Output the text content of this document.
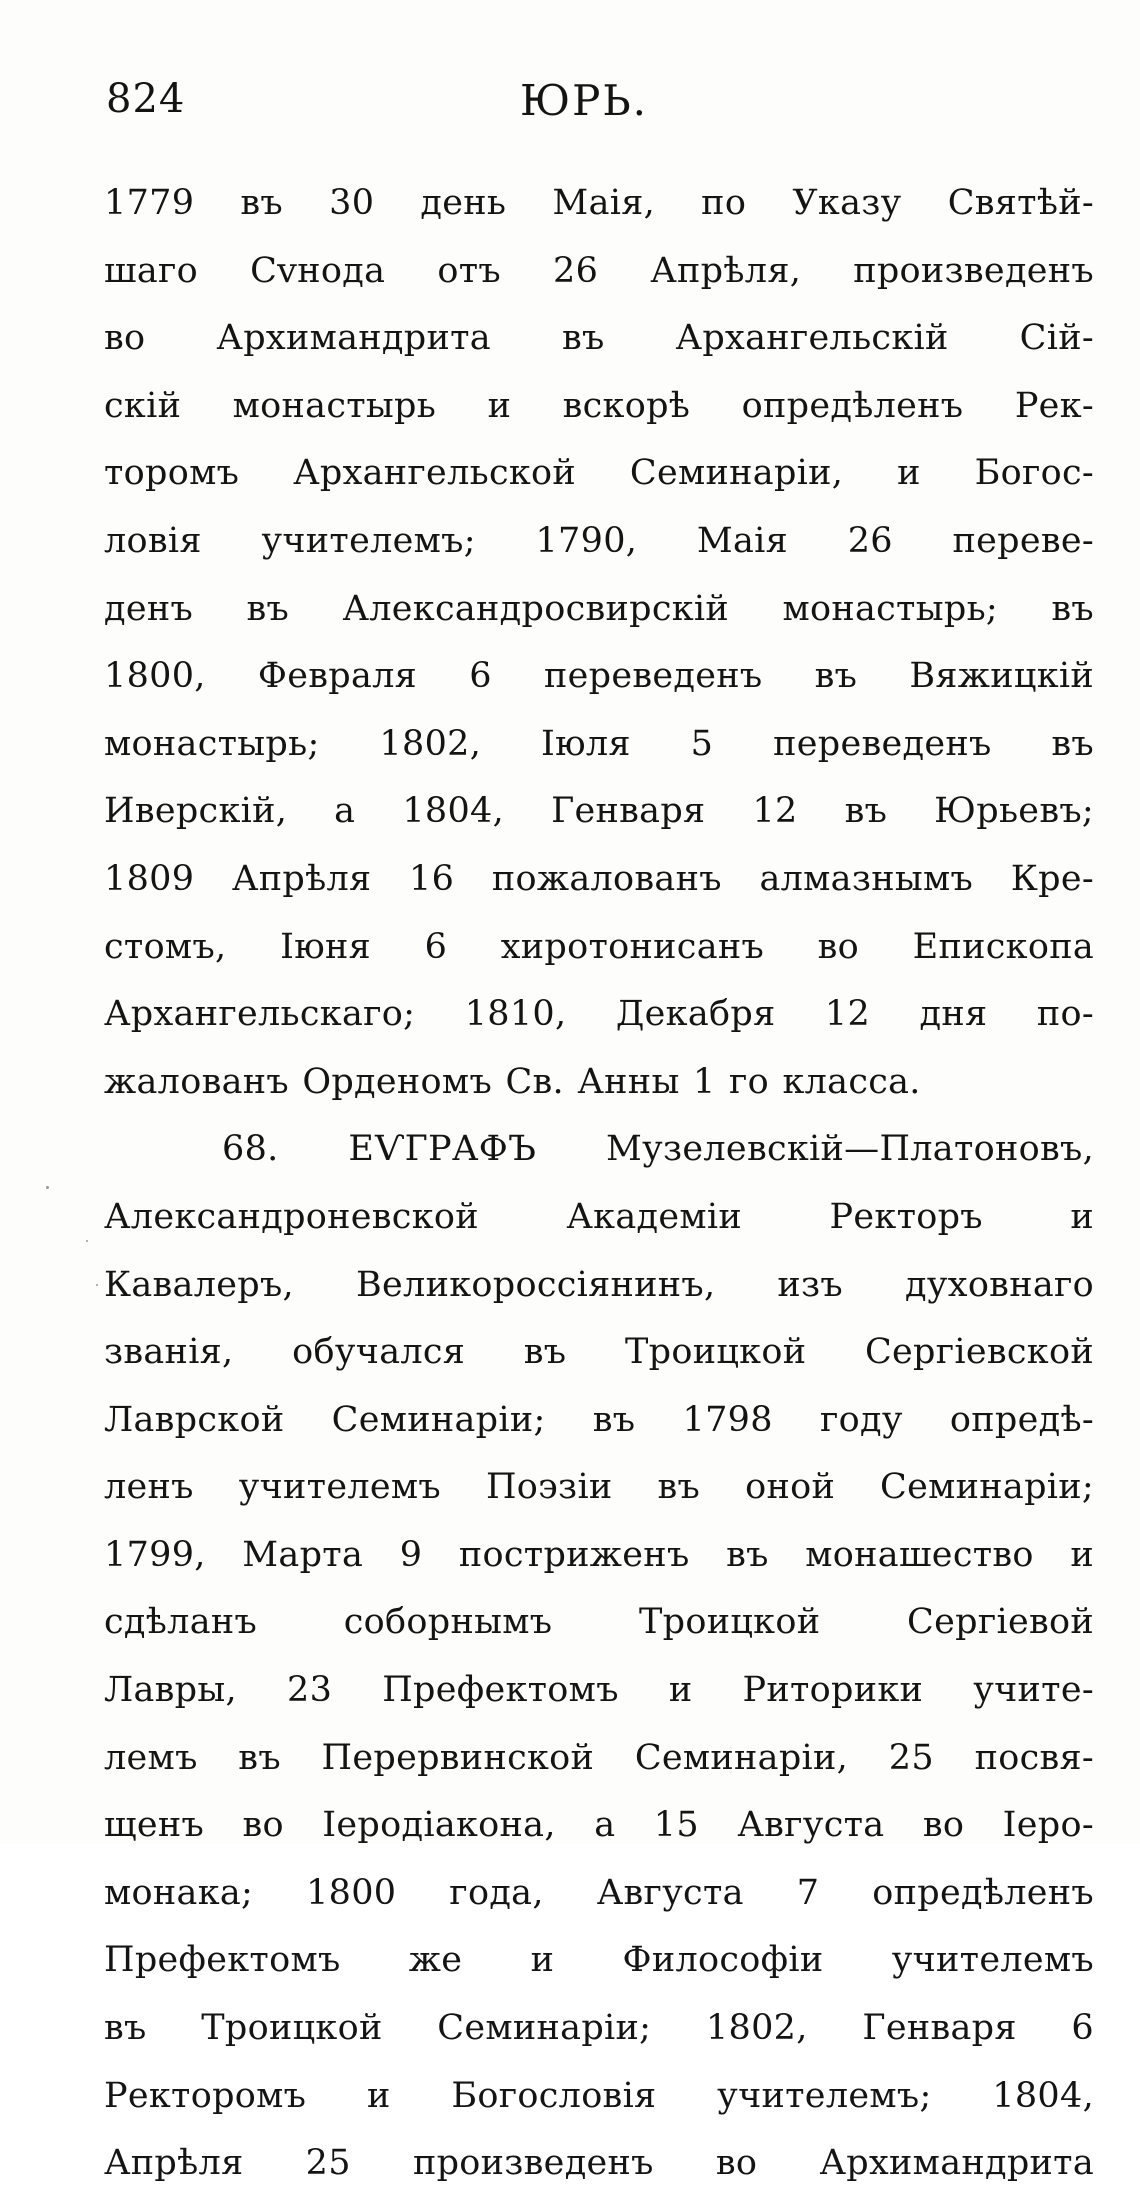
824	ЮРЬ.
1779 въ 30 день Маія, по Указу Святѣй-
шаго Сvнода отъ 26 Апрѣля, произведенъ
во Архимандрита въ Архангельскій Сій-
скій монастырь и вскорѣ опредѣленъ Рек-
торомъ Архангельской Семинаріи, и Богос-
ловія учителемъ; 1790, Маія 26 переве-
денъ въ Александросвирскій монастырь; въ
1800, Февраля 6 переведенъ въ Вяжицкій
монастырь; 1802, Іюля 5 переведенъ въ
Иверскій, а 1804, Генваря 12 въ Юрьевъ;
1809 Апрѣля 16 пожалованъ алмазнымъ Кре-
стомъ, Іюня 6 хиротонисанъ во Епископа
Архангельскаго; 1810, Декабря 12 дня по-
жалованъ Орденомъ Св. Анны 1 го класса.
68. ЕѴГРАФЪ Музелевскій—Платоновъ,
Александроневской Академіи Ректоръ и
Кавалеръ, Великороссіянинъ, изъ духовнаго
званія, обучался въ Троицкой Сергіевской
Лаврской Семинаріи; въ 1798 году опредѣ-
ленъ учителемъ Поэзіи въ оной Семинаріи;
1799, Марта 9 постриженъ въ монашество и
сдѣланъ соборнымъ Троицкой Сергіевой
Лавры, 23 Префектомъ и Риторики учите-
лемъ въ Перервинской Семинаріи, 25 посвя-
щенъ во Іеродіакона, а 15 Августа во Іеро-
монака; 1800 года, Августа 7 опредѣленъ
Префектомъ же и Философіи учителемъ
въ Троицкой Семинаріи; 1802, Генваря 6
Ректоромъ и Богословія учителемъ; 1804,
Апрѣля 25 произведенъ во Архимандрита
